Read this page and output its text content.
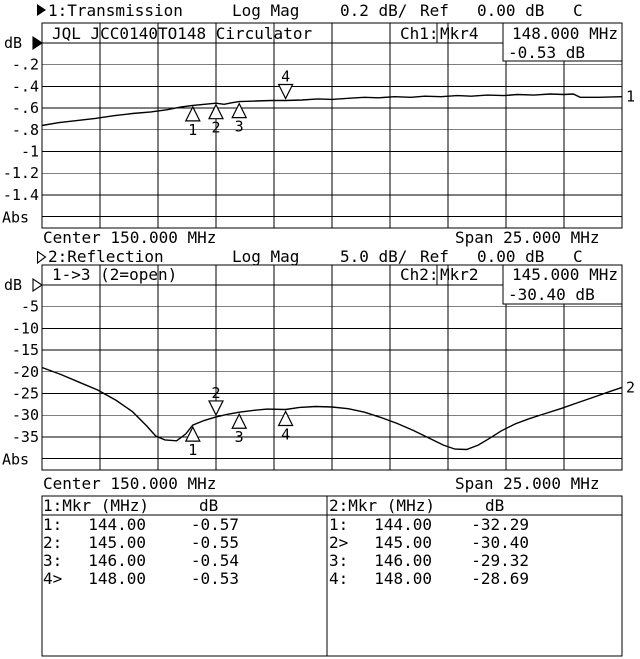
dB
-.2
-.4
-.6
-.8
-1
-1.2
-1.4
Abs
1
1 2 3
4
dB
-5
-10
-15
-20
-25
-30
-35
Abs
2
1
2
3 4
1:Transmission	Log Mag	0.2 dB/ Ref 0.00 dB C
JQL JCC0140TO148 Circulator	Ch1: Mkr4 148.000 MHz
-0.53 dB
Center 150.000 MHz	Span 25.000 MHz
2:Reflection	Log Mag	5.0 dB/ Ref 0.00 dB C
1->3 (2=open)	Ch2: Mkr2 145.000 MHz
-30.40 dB
Center 150.000 MHz	Span 25.000 MHz
1:Mkr (MHz)	dB	2:Mkr (MHz)	dB
1:	144.00	-0.57
2:	145.00	-0.55
3:	146.00	-0.54
4>	148.00	-0.53
1:	144.00	-32.29
2>	145.00	-30.40
3:	146.00	-29.32
4:	148.00	-28.69
